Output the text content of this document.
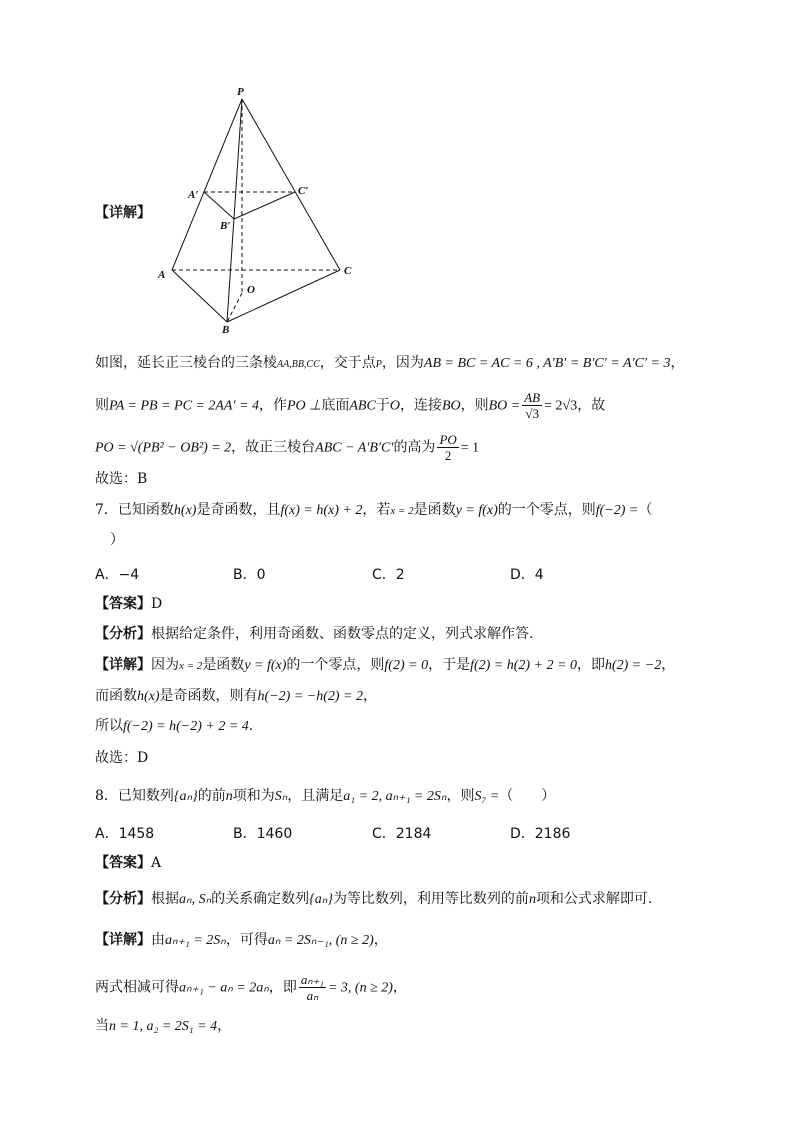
P
A′	C′
B′
A	C
O
B
【详解】
如图，延长正三棱台的三条棱AA,BB,CC，交于点P，因为AB = BC = AC = 6 , A′B′ = B′C′ = A′C′ = 3，
则PA = PB = PC = 2AA′ = 4，作PO ⊥底面ABC于O，连接BO，则BO = $\frac{AB}{√3} = 2√3$，故
PO = √(PB² − OB²) = 2，故正三棱台ABC − A′B′C′的高为 $\frac{PO}{2} = 1$
故选：B
7．已知函数h(x)是奇函数，且f(x) = h(x) + 2，若x = 2是函数y = f(x)的一个零点，则f(−2) =（
）
A．−4	B．0	C．2	D．4
【答案】D
【分析】根据给定条件，利用奇函数、函数零点的定义，列式求解作答.
【详解】因为x = 2是函数y = f(x)的一个零点，则f(2) = 0，于是f(2) = h(2) + 2 = 0，即h(2) = −2，
而函数h(x)是奇函数，则有h(−2) = −h(2) = 2，
所以f(−2) = h(−2) + 2 = 4.
故选：D
8．已知数列{aₙ}的前n项和为Sₙ，且满足a₁ = 2, aₙ₊₁ = 2Sₙ，则S₇ =（　　）
A．1458	B．1460	C．2184	D．2186
【答案】A
【分析】根据aₙ, Sₙ的关系确定数列{aₙ}为等比数列，利用等比数列的前n项和公式求解即可.
【详解】由aₙ₊₁ = 2Sₙ，可得aₙ = 2Sₙ₋₁, (n ≥ 2)，
两式相减可得aₙ₊₁ − aₙ = 2aₙ，即 $\frac{\text{aₙ₊₁}}{\text{aₙ}} = 3$, (n ≥ 2)，
当n = 1, a₂ = 2S₁ = 4，
